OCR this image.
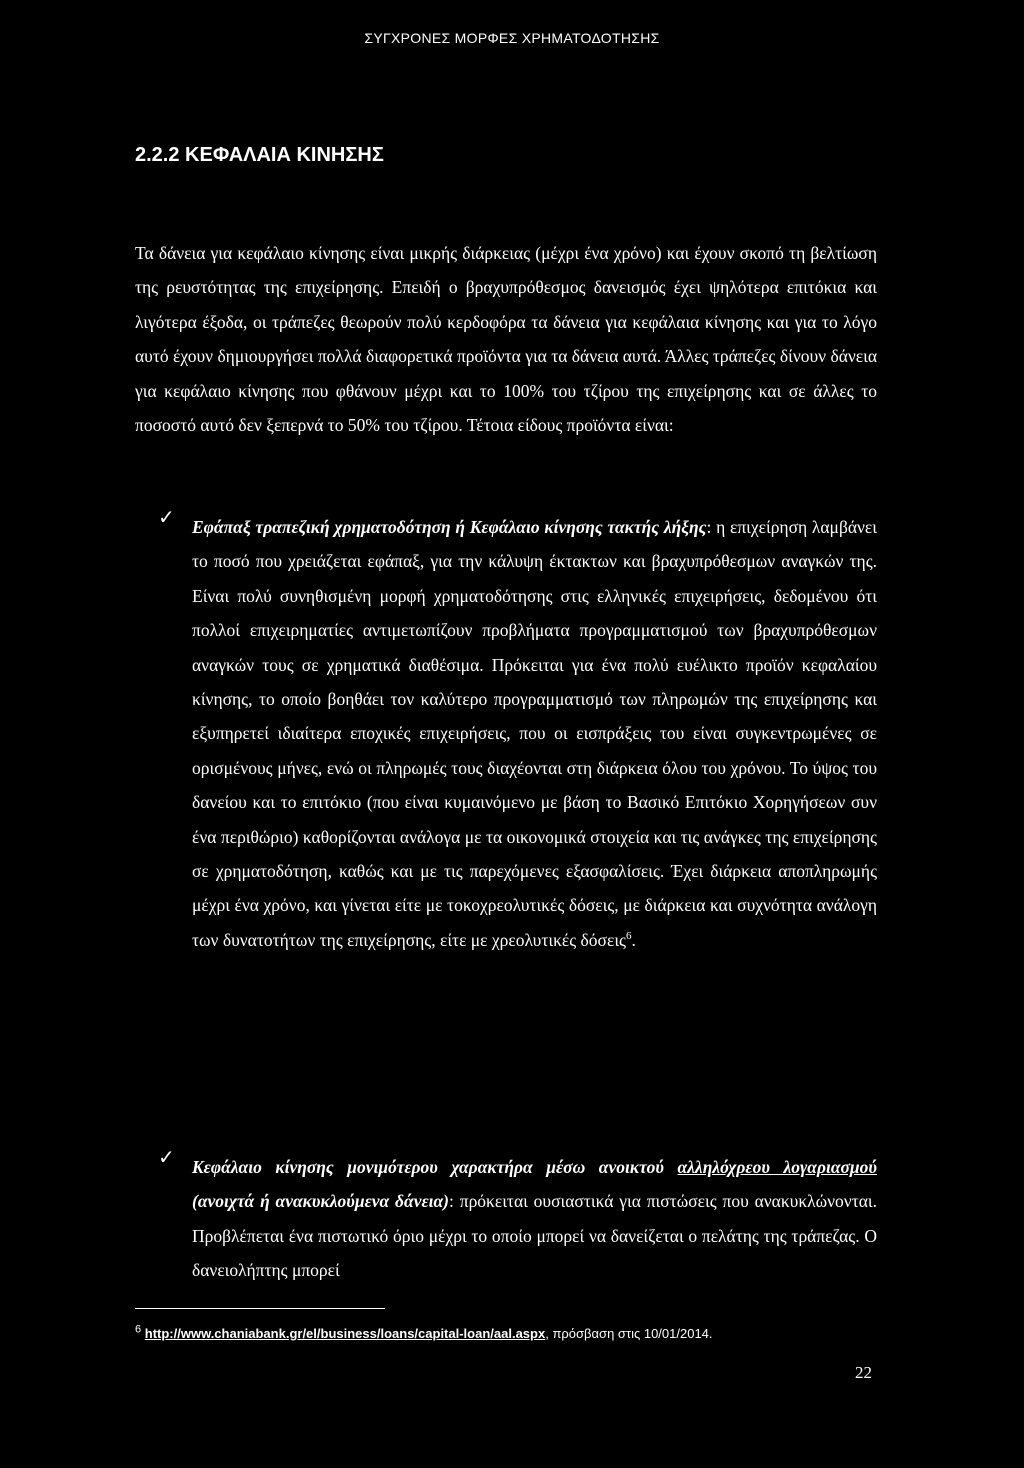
ΣΥΓΧΡΟΝΕΣ ΜΟΡΦΕΣ ΧΡΗΜΑΤΟΔΟΤΗΣΗΣ
2.2.2 ΚΕΦΑΛΑΙΑ ΚΙΝΗΣΗΣ
Τα δάνεια για κεφάλαιο κίνησης είναι μικρής διάρκειας (μέχρι ένα χρόνο) και έχουν σκοπό τη βελτίωση της ρευστότητας της επιχείρησης. Επειδή ο βραχυπρόθεσμος δανεισμός έχει ψηλότερα επιτόκια και λιγότερα έξοδα, οι τράπεζες θεωρούν πολύ κερδοφόρα τα δάνεια για κεφάλαια κίνησης και για το λόγο αυτό έχουν δημιουργήσει πολλά διαφορετικά προϊόντα για τα δάνεια αυτά. Άλλες τράπεζες δίνουν δάνεια για κεφάλαιο κίνησης που φθάνουν μέχρι και το 100% του τζίρου της επιχείρησης και σε άλλες το ποσοστό αυτό δεν ξεπερνά το 50% του τζίρου. Τέτοια είδους προϊόντα είναι:
✓ Εφάπαξ τραπεζική χρηματοδότηση ή Κεφάλαιο κίνησης τακτής λήξης: η επιχείρηση λαμβάνει το ποσό που χρειάζεται εφάπαξ, για την κάλυψη έκτακτων και βραχυπρόθεσμων αναγκών της. Είναι πολύ συνηθισμένη μορφή χρηματοδότησης στις ελληνικές επιχειρήσεις, δεδομένου ότι πολλοί επιχειρηματίες αντιμετωπίζουν προβλήματα προγραμματισμού των βραχυπρόθεσμων αναγκών τους σε χρηματικά διαθέσιμα. Πρόκειται για ένα πολύ ευέλικτο προϊόν κεφαλαίου κίνησης, το οποίο βοηθάει τον καλύτερο προγραμματισμό των πληρωμών της επιχείρησης και εξυπηρετεί ιδιαίτερα εποχικές επιχειρήσεις, που οι εισπράξεις του είναι συγκεντρωμένες σε ορισμένους μήνες, ενώ οι πληρωμές τους διαχέονται στη διάρκεια όλου του χρόνου. Το ύψος του δανείου και το επιτόκιο (που είναι κυμαινόμενο με βάση το Βασικό Επιτόκιο Χορηγήσεων συν ένα περιθώριο) καθορίζονται ανάλογα με τα οικονομικά στοιχεία και τις ανάγκες της επιχείρησης σε χρηματοδότηση, καθώς και με τις παρεχόμενες εξασφαλίσεις. Έχει διάρκεια αποπληρωμής μέχρι ένα χρόνο, και γίνεται είτε με τοκοχρεολυτικές δόσεις, με διάρκεια και συχνότητα ανάλογη των δυνατοτήτων της επιχείρησης, είτε με χρεολυτικές δόσεις$^6$.
✓ Κεφάλαιο κίνησης μονιμότερου χαρακτήρα μέσω ανοικτού αλληλόχρεου λογαριασμού (ανοιχτά ή ανακυκλούμενα δάνεια): πρόκειται ουσιαστικά για πιστώσεις που ανακυκλώνονται. Προβλέπεται ένα πιστωτικό όριο μέχρι το οποίο μπορεί να δανείζεται ο πελάτης της τράπεζας. Ο δανειολήπτης μπορεί
$^6$ http://www.chaniabank.gr/el/business/loans/capital-loan/aal.aspx, πρόσβαση στις 10/01/2014.
22
